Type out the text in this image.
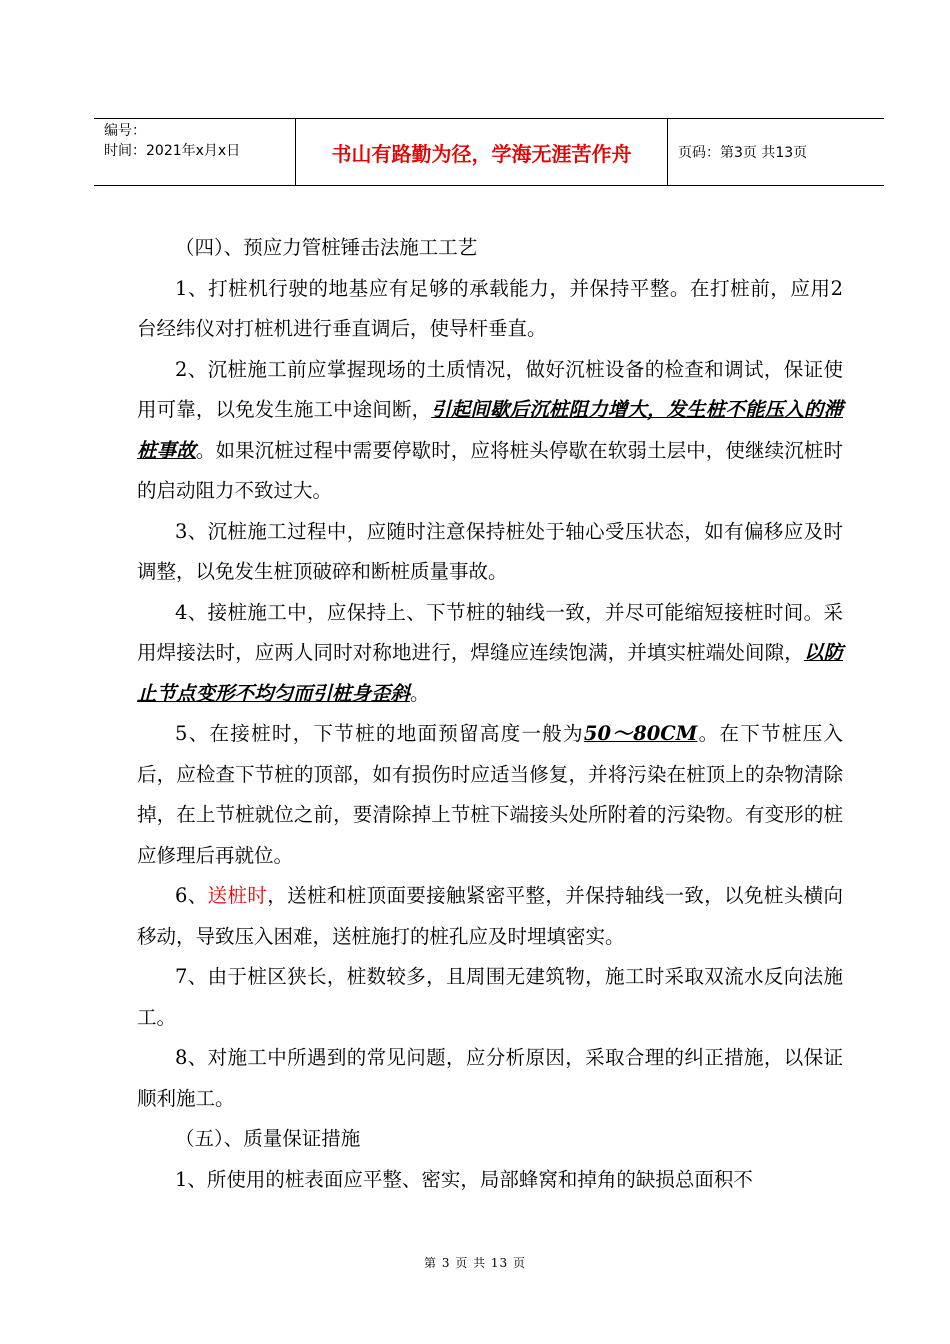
编号：
时间：2021年x月x日	书山有路勤为径，学海无涯苦作舟	页码：第3页 共13页

（四）、预应力管桩锤击法施工工艺

1、打桩机行驶的地基应有足够的承载能力，并保持平整。在打桩前，应用2台经纬仪对打桩机进行垂直调后，使导杆垂直。

2、沉桩施工前应掌握现场的土质情况，做好沉桩设备的检查和调试，保证使用可靠，以免发生施工中途间断，引起间歇后沉桩阻力增大，发生桩不能压入的滞桩事故。如果沉桩过程中需要停歇时，应将桩头停歇在软弱土层中，使继续沉桩时的启动阻力不致过大。

3、沉桩施工过程中，应随时注意保持桩处于轴心受压状态，如有偏移应及时调整，以免发生桩顶破碎和断桩质量事故。

4、接桩施工中，应保持上、下节桩的轴线一致，并尽可能缩短接桩时间。采用焊接法时，应两人同时对称地进行，焊缝应连续饱满，并填实桩端处间隙，以防止节点变形不均匀而引桩身歪斜。

5、在接桩时，下节桩的地面预留高度一般为50～80CM。在下节桩压入后，应检查下节桩的顶部，如有损伤时应适当修复，并将污染在桩顶上的杂物清除掉，在上节桩就位之前，要清除掉上节桩下端接头处所附着的污染物。有变形的桩应修理后再就位。

6、送桩时，送桩和桩顶面要接触紧密平整，并保持轴线一致，以免桩头横向移动，导致压入困难，送桩施打的桩孔应及时埋填密实。

7、由于桩区狭长，桩数较多，且周围无建筑物，施工时采取双流水反向法施工。

8、对施工中所遇到的常见问题，应分析原因，采取合理的纠正措施，以保证顺利施工。

（五）、质量保证措施

1、所使用的桩表面应平整、密实，局部蜂窝和掉角的缺损总面积不

第 3 页 共 13 页
